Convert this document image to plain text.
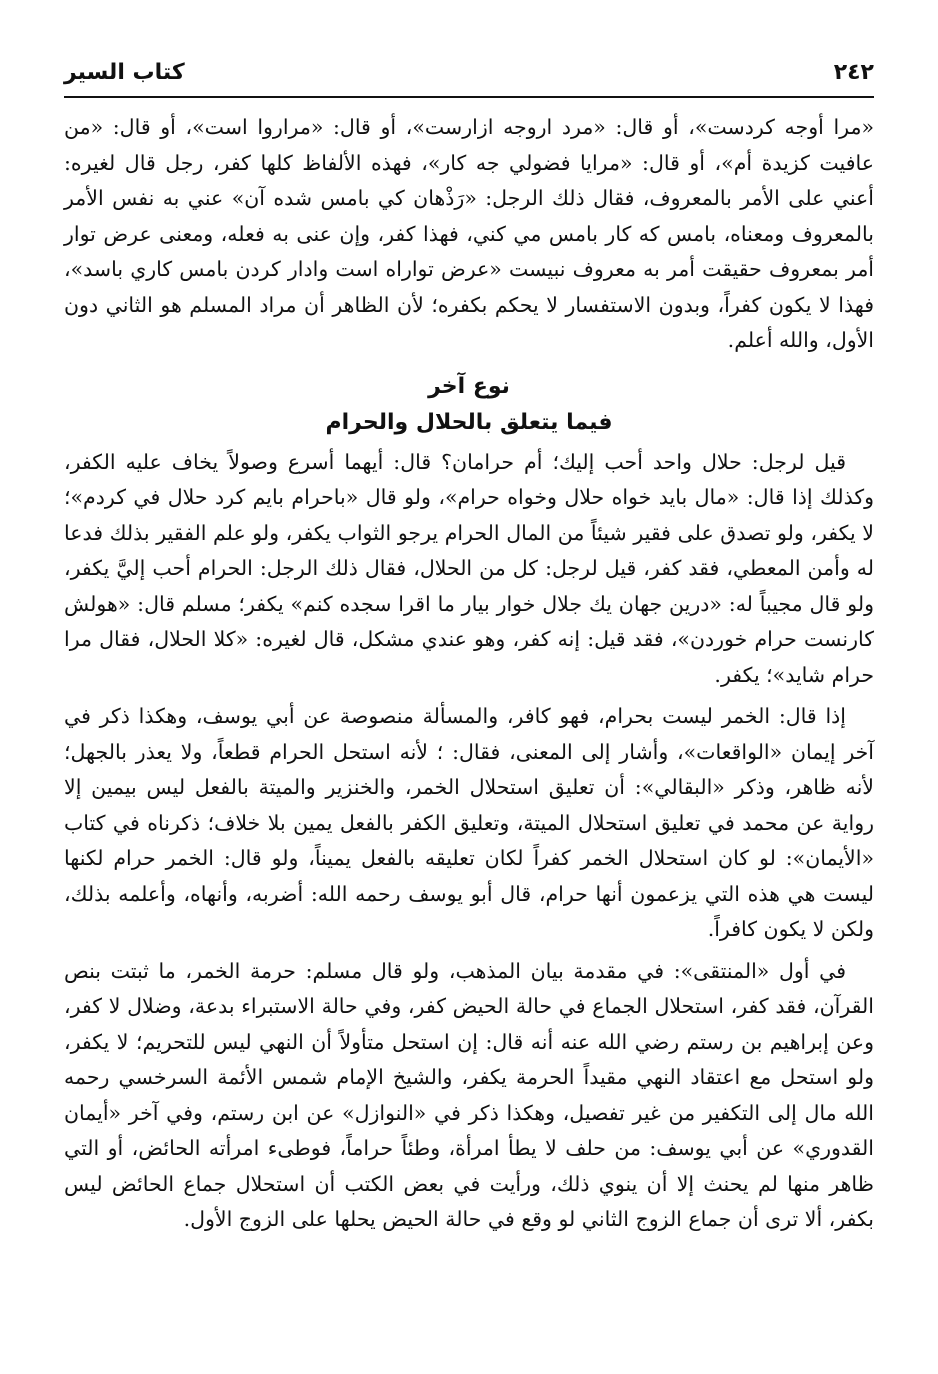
٢٤٢
كتاب السير

«مرا أوجه كردست»، أو قال: «مرد اروجه ازارست»، أو قال: «مراروا است»، أو قال: «من عافيت كزيدة أم»، أو قال: «مرايا فضولي جه كار»، فهذه الألفاظ كلها كفر، رجل قال لغيره: أعني على الأمر بالمعروف، فقال ذلك الرجل: «رَذْهان كي بامس شده آن» عني به نفس الأمر بالمعروف ومعناه، بامس كه كار بامس مي كني، فهذا كفر، وإن عنى به فعله، ومعنى عرض توار أمر بمعروف حقيقت أمر به معروف نبيست «عرض تواراه است وادار كردن بامس كاري باسد»، فهذا لا يكون كفراً، وبدون الاستفسار لا يحكم بكفره؛ لأن الظاهر أن مراد المسلم هو الثاني دون الأول، والله أعلم.

نوع آخر

فيما يتعلق بالحلال والحرام

قيل لرجل: حلال واحد أحب إليك؛ أم حرامان؟ قال: أيهما أسرع وصولاً يخاف عليه الكفر، وكذلك إذا قال: «مال بايد خواه حلال وخواه حرام»، ولو قال «باحرام بايم كرد حلال في كردم»؛ لا يكفر، ولو تصدق على فقير شيئاً من المال الحرام يرجو الثواب يكفر، ولو علم الفقير بذلك فدعا له وأمن المعطي، فقد كفر، قيل لرجل: كل من الحلال، فقال ذلك الرجل: الحرام أحب إليَّ يكفر، ولو قال مجيباً له: «درين جهان يك جلال خوار بيار ما اقرا سجده كنم» يكفر؛ مسلم قال: «هولش كارنست حرام خوردن»، فقد قيل: إنه كفر، وهو عندي مشكل، قال لغيره: «كلا الحلال، فقال مرا حرام شايد»؛ يكفر.

إذا قال: الخمر ليست بحرام، فهو كافر، والمسألة منصوصة عن أبي يوسف، وهكذا ذكر في آخر إيمان «الواقعات»، وأشار إلى المعنى، فقال: ؛ لأنه استحل الحرام قطعاً، ولا يعذر بالجهل؛ لأنه ظاهر، وذكر «البقالي»: أن تعليق استحلال الخمر، والخنزير والميتة بالفعل ليس بيمين إلا رواية عن محمد في تعليق استحلال الميتة، وتعليق الكفر بالفعل يمين بلا خلاف؛ ذكرناه في كتاب «الأيمان»: لو كان استحلال الخمر كفراً لكان تعليقه بالفعل يميناً، ولو قال: الخمر حرام لكنها ليست هي هذه التي يزعمون أنها حرام، قال أبو يوسف رحمه الله: أضربه، وأنهاه، وأعلمه بذلك، ولكن لا يكون كافراً.

في أول «المنتقى»: في مقدمة بيان المذهب، ولو قال مسلم: حرمة الخمر، ما ثبتت بنص القرآن، فقد كفر، استحلال الجماع في حالة الحيض كفر، وفي حالة الاستبراء بدعة، وضلال لا كفر، وعن إبراهيم بن رستم رضي الله عنه أنه قال: إن استحل متأولاً أن النهي ليس للتحريم؛ لا يكفر، ولو استحل مع اعتقاد النهي مقيداً الحرمة يكفر، والشيخ الإمام شمس الأئمة السرخسي رحمه الله مال إلى التكفير من غير تفصيل، وهكذا ذكر في «النوازل» عن ابن رستم، وفي آخر «أيمان القدوري» عن أبي يوسف: من حلف لا يطأ امرأة، وطئاً حراماً، فوطىء امرأته الحائض، أو التي ظاهر منها لم يحنث إلا أن ينوي ذلك، ورأيت في بعض الكتب أن استحلال جماع الحائض ليس بكفر، ألا ترى أن جماع الزوج الثاني لو وقع في حالة الحيض يحلها على الزوج الأول.
